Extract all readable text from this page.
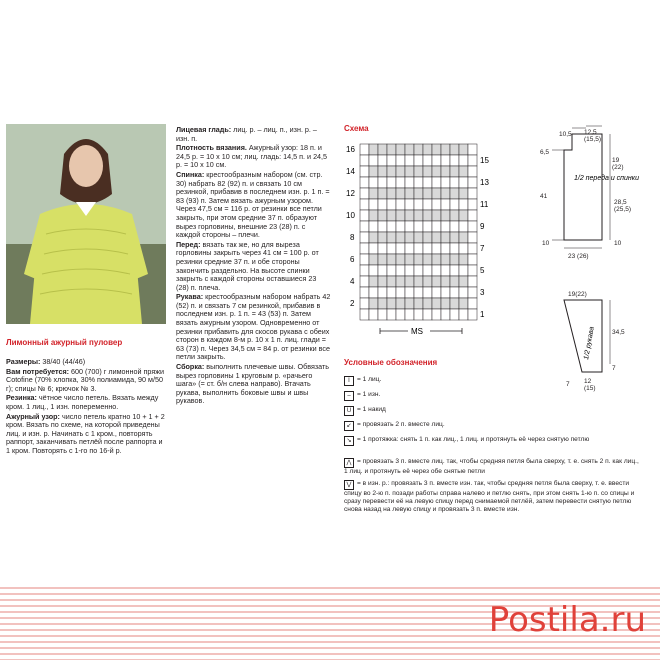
Лимонный ажурный пуловер

Размеры: 38/40 (44/46)

Вам потребуется: 600 (700) г лимонной пряжи Cotofine (70% хлопка, 30% полиамида, 90 м/50 г); спицы № 6; крючок № 3.

Резинка: чётное число петель. Вязать между кром. 1 лиц., 1 изн. попеременно.

Ажурный узор: число петель кратно 10 + 1 + 2 кром. Вязать по схеме, на которой приведены лиц. и изн. р. Начинать с 1 кром., повторять раппорт, заканчивать петлёй после раппорта и 1 кром. Повторять с 1-го по 16-й р.

Лицевая гладь: лиц. р. – лиц. п., изн. р. – изн. п.

Плотность вязания. Ажурный узор: 18 п. и 24,5 р. = 10 х 10 см; лиц. гладь: 14,5 п. и 24,5 р. = 10 х 10 см.

Спинка: крестообразным набором (см. стр. 30) набрать 82 (92) п. и связать 10 см резинкой, прибавив в последнем изн. р. 1 п. = 83 (93) п. Затем вязать ажурным узором. Через 47,5 см = 116 р. от резинки все петли закрыть, при этом средние 37 п. образуют вырез горловины, внешние 23 (28) п. с каждой стороны – плечи.

Перед: вязать так же, но для выреза горловины закрыть через 41 см = 100 р. от резинки средние 37 п. и обе стороны закончить раздельно. На высоте спинки закрыть с каждой стороны оставшиеся 23 (28) п. плеча.

Рукава: крестообразным набором набрать 42 (52) п. и связать 7 см резинкой, прибавив в последнем изн. р. 1 п. = 43 (53) п. Затем вязать ажурным узором. Одновременно от резинки прибавить для скосов рукава с обеих сторон в каждом 8-м р. 10 х 1 п. лиц. глади = 63 (73) п. Через 34,5 см = 84 р. от резинки все петли закрыть.

Сборка: выполнить плечевые швы. Обвязать вырез горловины 1 круговым р. «рачьего шага» (= ст. б/н слева направо). Втачать рукава, выполнить боковые швы и швы рукавов.

Схема
16
14
12
10
8
6
4
2
15
13
11
9
7
5
3
1
MS
10,5 12,5
(15,5)
6,5
19
(22)
41
28,5
(25,5)
10	10
23 (26)
19(22)
34,5
7
7 12
(15)
1/2 переда и спинки
1/2 рукава
Условные обозначения
I = 1 лиц.
– = 1 изн.
U = 1 накид
↙ = провязать 2 п. вместе лиц.
↘ = 1 протяжка: снять 1 п. как лиц., 1 лиц. и протянуть её через снятую петлю
⋀ = провязать 3 п. вместе лиц. так, чтобы средняя петля была сверху, т. е. снять 2 п. как лиц., 1 лиц. и протянуть её через обе снятые петли
⋁ = в изн. р.: провязать 3 п. вместе изн. так, чтобы средняя петля была сверху, т. е. ввести спицу во 2-ю п. позади работы справа налево и петлю снять, при этом снять 1-ю п. со спицы и сразу перевести её на левую спицу перед снимаемой петлёй, затем перевести снятую петлю снова назад на левую спицу и провязать 3 п. вместе изн.
Postila.ru
